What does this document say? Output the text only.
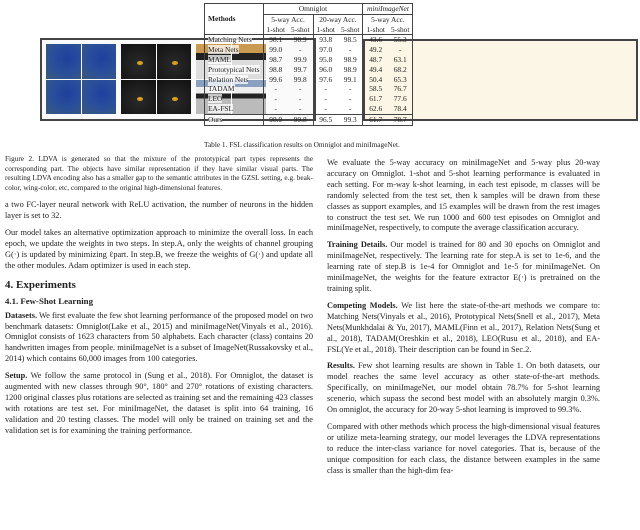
Methods	Omniglot				miniImageNet	
	5-way Acc.		20-way Acc.		5-way Acc.	
	1-shot	5-shot	1-shot	5-shot	1-shot	5-shot
Matching Nets	98.1	98.9	93.8	98.5	43.6	55.3
Meta Nets	99.0	-	97.0	-	49.2	-
MAML	98.7	99.9	95.8	98.9	48.7	63.1
Prototypical Nets	98.8	99.7	96.0	98.9	49.4	68.2
Relation Nets	99.6	99.8	97.6	99.1	50.4	65.3
TADAM	-	-	-	-	58.5	76.7
LEO	-	-	-	-	61.7	77.6
EA-FSL	-	-	-	-	62.6	78.4
Ours	98.9	99.8	96.5	99.3	61.7	78.7
Table 1. FSL classification results on Omniglot and miniImageNet.

Figure 2. LDVA is generated so that the mixture of the prototypical part types represents the corresponding part. The objects have similar representation if they have similar visual parts. The resulting LDVA encoding also has a smaller gap to the semantic attributes in the GZSL setting, e.g. beak-color, wing-color, etc, compared to the original high-dimensional features.

a two FC-layer neural network with ReLU activation, the number of neurons in the hidden layer is set to 32.

Our model takes an alternative optimization approach to minimize the overall loss. In each epoch, we update the weights in two steps. In step.A, only the weights of channel grouping G(·) is updated by minimizing ℓpart. In step.B, we freeze the weights of G(·) and update all the other modules. Adam optimizer is used in each step.

4. Experiments
4.1. Few-Shot Learning

Datasets. We first evaluate the few shot learning performance of the proposed model on two benchmark datasets: Omniglot(Lake et al., 2015) and miniImageNet(Vinyals et al., 2016). Omniglot consists of 1623 characters from 50 alphabets. Each character (class) contains 20 handwritten images from people. miniImageNet is a subset of ImageNet(Russakovsky et al., 2014) which contains 60,000 images from 100 categories.

Setup. We follow the same protocol in (Sung et al., 2018). For Omniglot, the dataset is augmented with new classes through 90°, 180° and 270° rotations of existing characters. 1200 original classes plus rotations are selected as training set and the remaining 423 classes with rotations are test set. For miniImageNet, the dataset is split into 64 training, 16 validation and 20 testing classes. The model will only be trained on training set and the validation set is for examining the training performance.

We evaluate the 5-way accuracy on miniImageNet and 5-way plus 20-way accuracy on Omniglot. 1-shot and 5-shot learning performance is evaluated in each setting. For m-way k-shot learning, in each test episode, m classes will be randomly selected from the test set, then k samples will be drawn from these classes as support examples, and 15 examples will be drawn from the rest images to construct the test set. We run 1000 and 600 test episodes on Omniglot and miniImageNet, respectively, to compute the average classification accuracy.

Training Details. Our model is trained for 80 and 30 epochs on Omniglot and miniImageNet, respectively. The learning rate for step.A is set to 1e-6, and the learning rate of step.B is 1e-4 for Omniglot and 1e-5 for miniImageNet. On miniImageNet, the weights for the feature extractor E(·) is pretrained on the training split.

Competing Models. We list here the state-of-the-art methods we compare to: Matching Nets(Vinyals et al., 2016), Prototypical Nets(Snell et al., 2017), Meta Nets(Munkhdalai & Yu, 2017), MAML(Finn et al., 2017), Relation Nets(Sung et al., 2018), TADAM(Oreshkin et al., 2018), LEO(Rusu et al., 2018), and EA-FSL(Ye et al., 2018). Their description can be found in Sec.2.

Results. Few shot learning results are shown in Table 1. On both datasets, our model reaches the same level accuracy as other state-of-the-art methods. Specifically, on miniImageNet, our model obtain 78.7% for 5-shot learning scenerio, which supass the second best model with an absolutely margin 0.3%. On omniglot, the accuracy for 20-way 5-shot learning is improved to 99.3%.

Compared with other methods which process the high-dimensional visual features or utilize meta-learning strategy, our model leverages the LDVA representations to reduce the inter-class variance for novel categories. That is, because of the unique composition for each class, the distance between examples in the same class is smaller than the high-dim fea-
